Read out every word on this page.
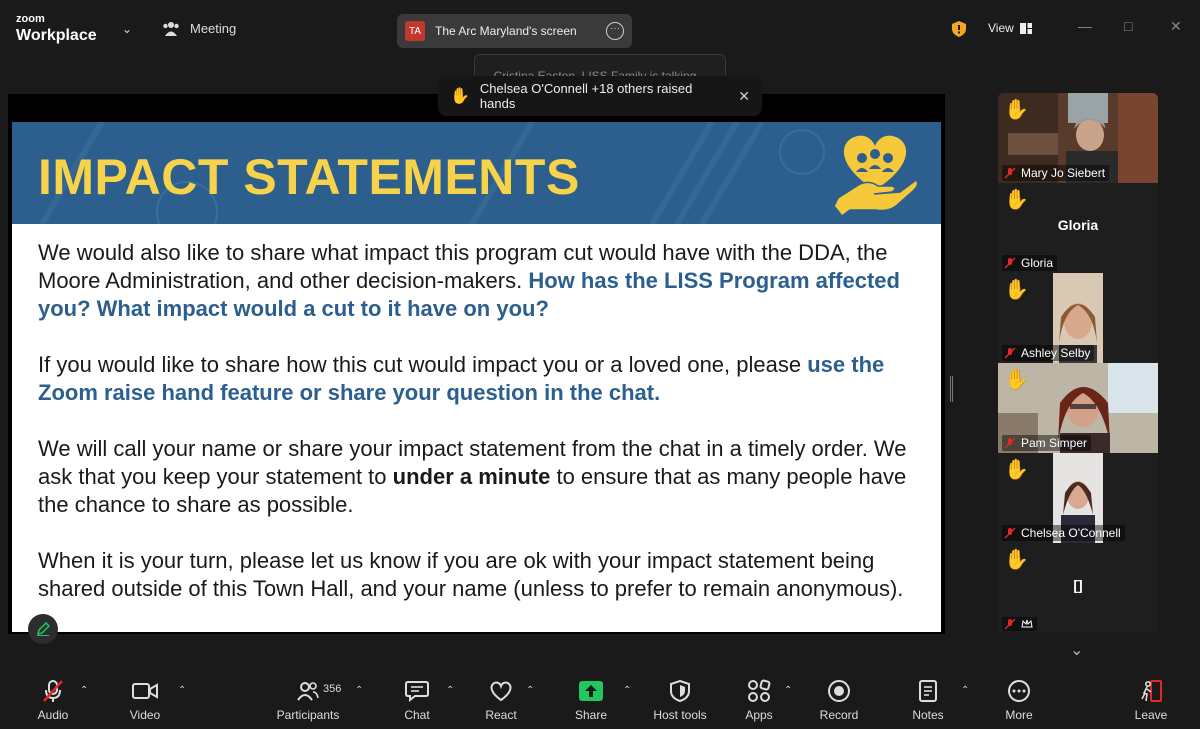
zoom
Workplace ⌄	Meeting	TA	The Arc Maryland's screen	···	View	— □	✕
IMPACT STATEMENTS

We would also like to share what impact this program cut would have with the DDA, the Moore Administration, and other decision-makers. How has the LISS Program affected you? What impact would a cut to it have on you?

If you would like to share how this cut would impact you or a loved one, please use the Zoom raise hand feature or share your question in the chat.

We will call your name or share your impact statement from the chat in a timely order. We ask that you keep your statement to under a minute to ensure that as many people have the chance to share as possible.

When it is your turn, please let us know if you are ok with your impact statement being shared outside of this Town Hall, and your name (unless to prefer to remain anonymous).

✋ Chelsea O'Connell +18 others raised hands	✕
✋
Mary Jo Siebert
✋
Gloria
Gloria
✋
Ashley Selby
✋
Pam Simper
✋
Chelsea O'Connell
✋
[]
⌄
Audio
⌃
Video
⌃
Participants
356 ⌃
Chat
⌃
React
⌃
Share
⌃
Host tools	Apps
⌃
Record	Notes
⌃
More	Leave
